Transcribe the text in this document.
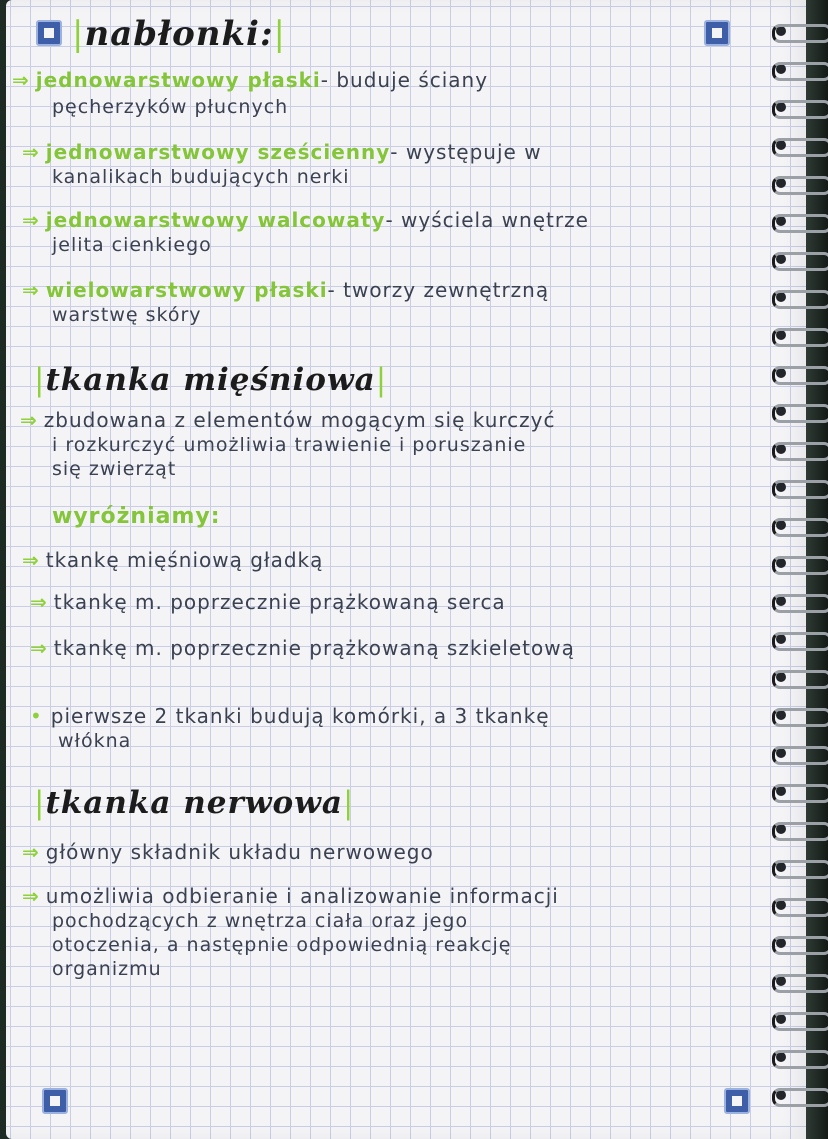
|nabłonki:|
⇒ jednowarstwowy płaski- buduje ściany
pęcherzyków płucnych
⇒ jednowarstwowy sześcienny- występuje w
kanalikach budujących nerki
⇒ jednowarstwowy walcowaty- wyściela wnętrze
jelita cienkiego
⇒ wielowarstwowy płaski- tworzy zewnętrzną
warstwę skóry
|tkanka mięśniowa|
⇒ zbudowana z elementów mogącym się kurczyć
i rozkurczyć umożliwia trawienie i poruszanie
się zwierząt
wyróżniamy:
⇒ tkankę mięśniową gładką
⇒ tkankę m. poprzecznie prążkowaną serca
⇒ tkankę m. poprzecznie prążkowaną szkieletową
• pierwsze 2 tkanki budują komórki, a 3 tkankę
włókna
|tkanka nerwowa|
⇒ główny składnik układu nerwowego
⇒ umożliwia odbieranie i analizowanie informacji
pochodzących z wnętrza ciała oraz jego
otoczenia, a następnie odpowiednią reakcję
organizmu
